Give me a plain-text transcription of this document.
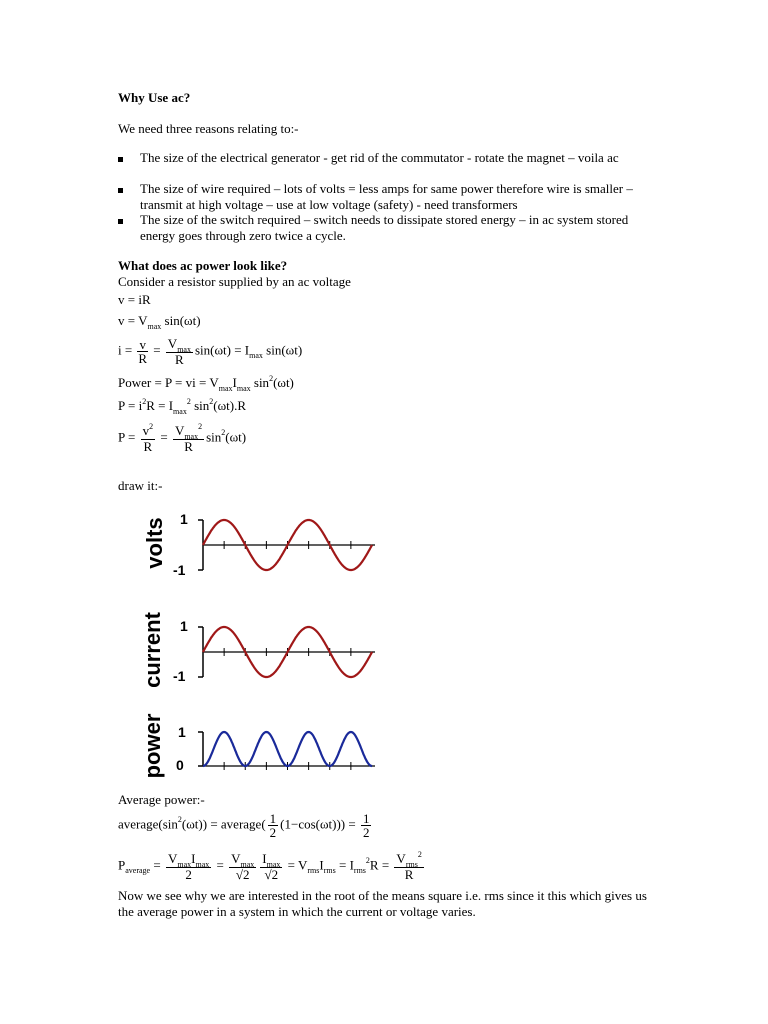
Why Use ac?
We need three reasons relating to:-
The size of the electrical generator - get rid of the commutator - rotate the magnet – voila ac
The size of wire required – lots of volts = less amps for same power therefore wire is smaller – transmit at high voltage – use at low voltage (safety) - need transformers
The size of the switch required – switch needs to dissipate stored energy – in ac system stored energy goes through zero twice a cycle.
What does ac power look like?
Consider a resistor supplied by an ac voltage
v = iR
$v = V_{max}$ sin(ωt)
$i = \frac{v}{R} = \frac{V_{max}}{R} \sin(\omega t) = I_{max}$ sin(ωt)
Power = P = vi = $V_{max}I_{max}$ $\sin^2(\omega t)$
$P = i^2R = I_{max}^2$ $\sin^2(\omega t).R$
$P = \frac{v^2}{R} = \frac{V_{max}^2}{R} \sin^2(\omega t)$
draw it:-
volts 1
-1
current 1
-1
power 1
0
Average power:-
$average(\sin^2(\omega t))$ = average( $\frac{1}{2} (1-\cos(\omega t))) = \frac{1}{2}$
$P_{average} = \frac{V_{max}I_{max}}{2} = \frac{V_{max}}{√2} \frac{I_{max}}{√2} = V_{rms}I_{rms} = I_{rms}^2R = \frac{V_{rms}^2}{R}$
Now we see why we are interested in the root of the means square i.e. rms since it this which gives us the average power in a system in which the current or voltage varies.
